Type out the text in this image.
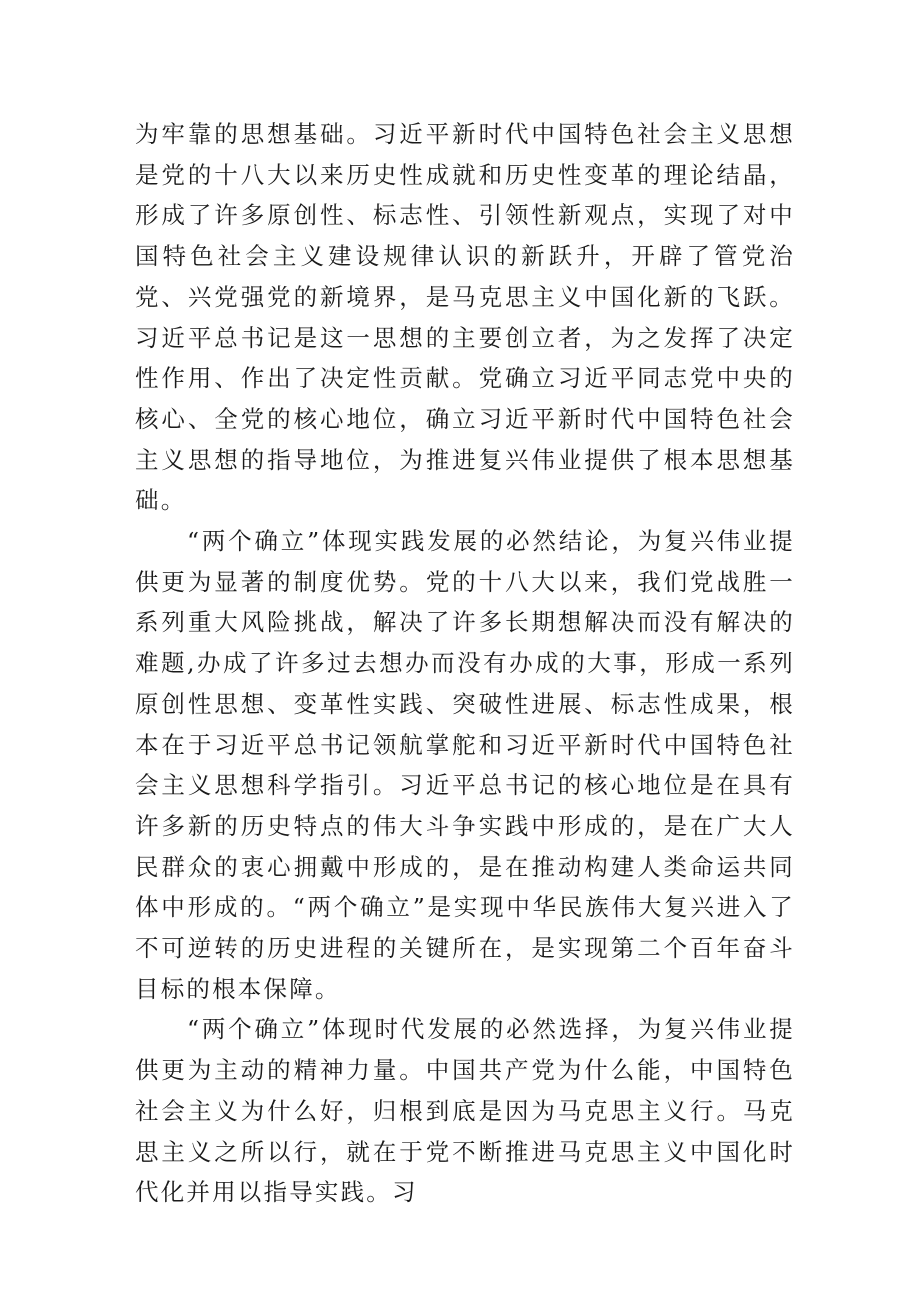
为牢靠的思想基础。习近平新时代中国特色社会主义思想是党的十八大以来历史性成就和历史性变革的理论结晶，形成了许多原创性、标志性、引领性新观点，实现了对中国特色社会主义建设规律认识的新跃升，开辟了管党治党、兴党强党的新境界，是马克思主义中国化新的飞跃。习近平总书记是这一思想的主要创立者，为之发挥了决定性作用、作出了决定性贡献。党确立习近平同志党中央的核心、全党的核心地位，确立习近平新时代中国特色社会主义思想的指导地位，为推进复兴伟业提供了根本思想基础。

“两个确立”体现实践发展的必然结论，为复兴伟业提供更为显著的制度优势。党的十八大以来，我们党战胜一系列重大风险挑战，解决了许多长期想解决而没有解决的难题,办成了许多过去想办而没有办成的大事，形成一系列原创性思想、变革性实践、突破性进展、标志性成果，根本在于习近平总书记领航掌舵和习近平新时代中国特色社会主义思想科学指引。习近平总书记的核心地位是在具有许多新的历史特点的伟大斗争实践中形成的，是在广大人民群众的衷心拥戴中形成的，是在推动构建人类命运共同体中形成的。“两个确立”是实现中华民族伟大复兴进入了不可逆转的历史进程的关键所在，是实现第二个百年奋斗目标的根本保障。

“两个确立”体现时代发展的必然选择，为复兴伟业提供更为主动的精神力量。中国共产党为什么能，中国特色社会主义为什么好，归根到底是因为马克思主义行。马克思主义之所以行，就在于党不断推进马克思主义中国化时代化并用以指导实践。习
